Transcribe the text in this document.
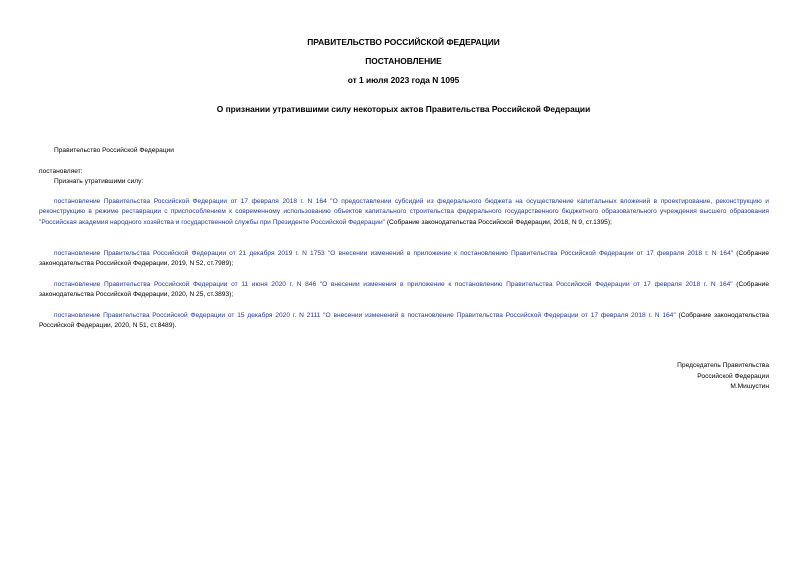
ПРАВИТЕЛЬСТВО РОССИЙСКОЙ ФЕДЕРАЦИИ
ПОСТАНОВЛЕНИЕ
от 1 июля 2023 года N 1095
О признании утратившими силу некоторых актов Правительства Российской Федерации
Правительство Российской Федерации
постановляет:
Признать утратившими силу:
постановление Правительства Российской Федерации от 17 февраля 2018 г. N 164 "О предоставлении субсидий из федерального бюджета на осуществление капитальных вложений в проектирование, реконструкцию и реконструкцию в режиме реставрации с приспособлением к современному использованию объектов капитального строительства федерального государственного бюджетного образовательного учреждения высшего образования "Российская академия народного хозяйства и государственной службы при Президенте Российской Федерации" (Собрание законодательства Российской Федерации, 2018, N 9, ст.1395);
постановление Правительства Российской Федерации от 21 декабря 2019 г. N 1753 "О внесении изменений в приложение к постановлению Правительства Российской Федерации от 17 февраля 2018 г. N 164" (Собрание законодательства Российской Федерации, 2019, N 52, ст.7989);
постановление Правительства Российской Федерации от 11 июня 2020 г. N 846 "О внесении изменения в приложение к постановлению Правительства Российской Федерации от 17 февраля 2018 г. N 164" (Собрание законодательства Российской Федерации, 2020, N 25, ст.3893);
постановление Правительства Российской Федерации от 15 декабря 2020 г. N 2111 "О внесении изменений в постановление Правительства Российской Федерации от 17 февраля 2018 г. N 164" (Собрание законодательства Российской Федерации, 2020, N 51, ст.8489).
Председатель Правительства
Российской Федерации
М.Мишустин
